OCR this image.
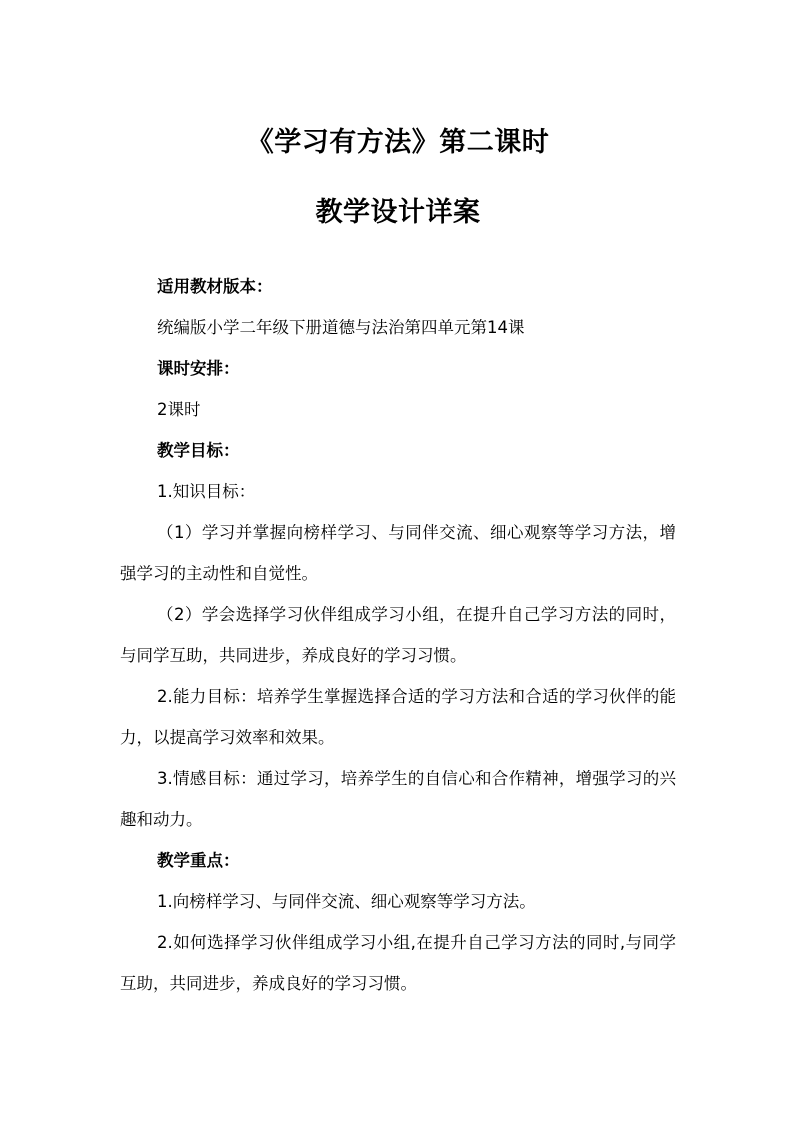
《学习有方法》第二课时
教学设计详案

适用教材版本：

统编版小学二年级下册道德与法治第四单元第14课

课时安排：

2课时

教学目标：

1.知识目标：

（1）学习并掌握向榜样学习、与同伴交流、细心观察等学习方法，增强学习的主动性和自觉性。

（2）学会选择学习伙伴组成学习小组，在提升自己学习方法的同时，与同学互助，共同进步，养成良好的学习习惯。

2.能力目标：培养学生掌握选择合适的学习方法和合适的学习伙伴的能力，以提高学习效率和效果。

3.情感目标：通过学习，培养学生的自信心和合作精神，增强学习的兴趣和动力。

教学重点：

1.向榜样学习、与同伴交流、细心观察等学习方法。

2.如何选择学习伙伴组成学习小组,在提升自己学习方法的同时,与同学互助，共同进步，养成良好的学习习惯。
